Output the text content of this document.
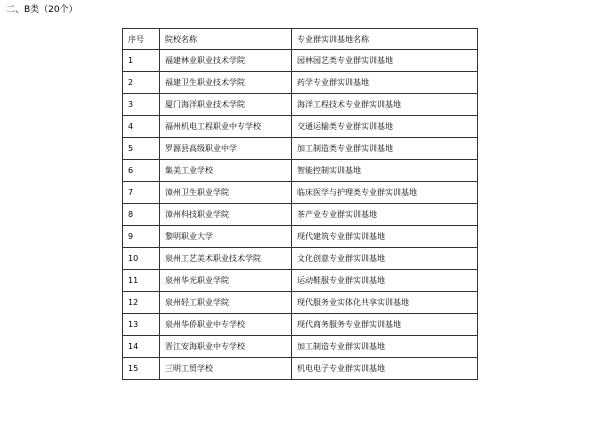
二、B类（20个）
序号	院校名称	专业群实训基地名称
1	福建林业职业技术学院	园林园艺类专业群实训基地
2	福建卫生职业技术学院	药学专业群实训基地
3	厦门海洋职业技术学院	海洋工程技术专业群实训基地
4	福州机电工程职业中专学校	交通运输类专业群实训基地
5	罗源县高级职业中学	加工制造类专业群实训基地
6	集美工业学校	智能控制实训基地
7	漳州卫生职业学院	临床医学与护理类专业群实训基地
8	漳州科技职业学院	茶产业专业群实训基地
9	黎明职业大学	现代建筑专业群实训基地
10	泉州工艺美术职业技术学院	文化创意专业群实训基地
11	泉州华光职业学院	运动鞋服专业群实训基地
12	泉州轻工职业学院	现代服务业实体化共享实训基地
13	泉州华侨职业中专学校	现代商务服务专业群实训基地
14	晋江安海职业中专学校	加工制造专业群实训基地
15	三明工贸学校	机电电子专业群实训基地
